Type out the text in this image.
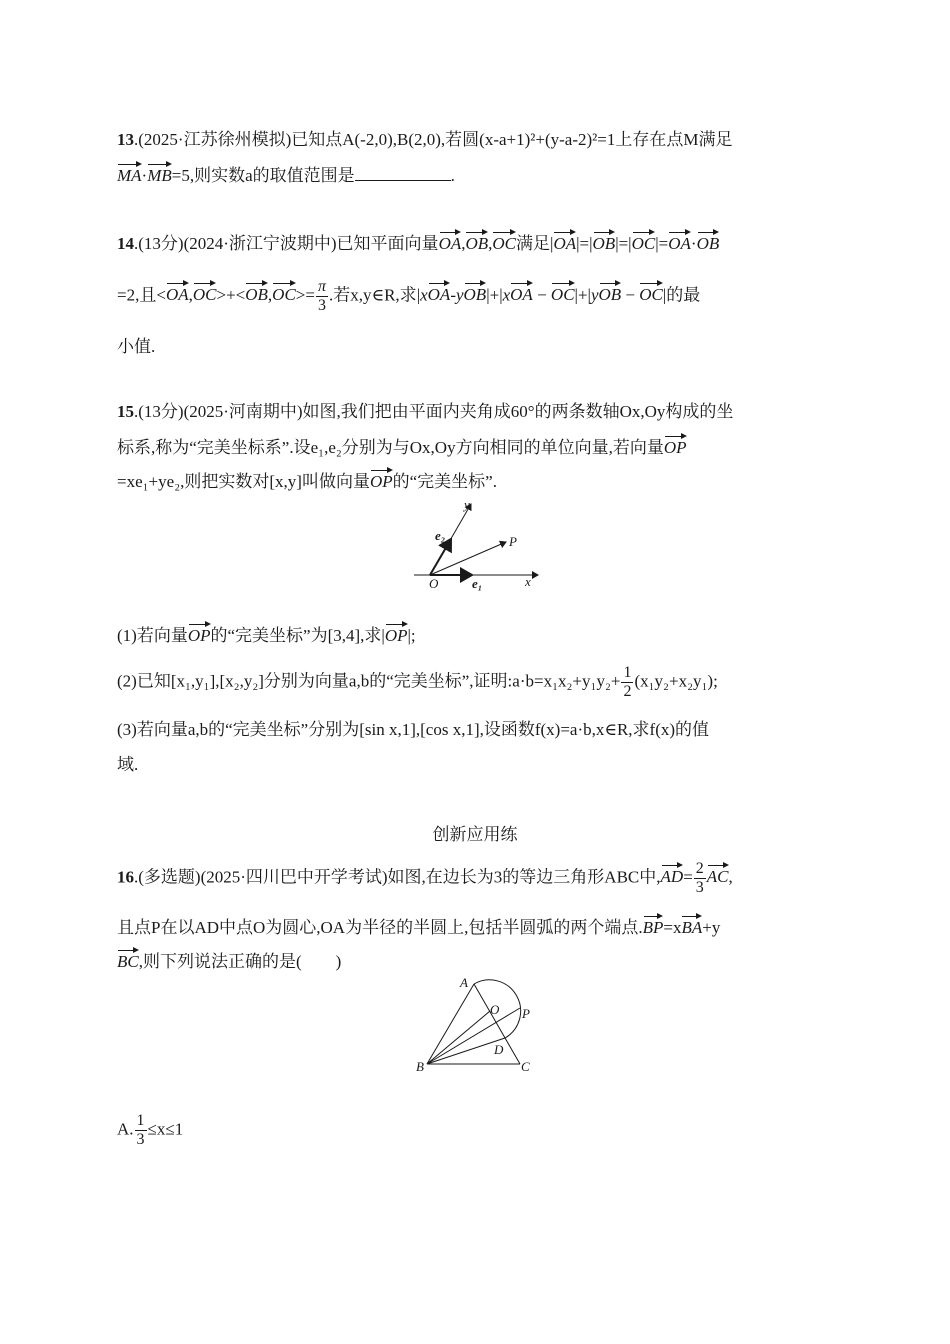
13.(2025·江苏徐州模拟)已知点A(-2,0),B(2,0),若圆(x-a+1)²+(y-a-2)²=1上存在点M满足
MA·MB=5,则实数a的取值范围是	.
14.(13分)(2024·浙江宁波期中)已知平面向量OA,OB,OC满足|OA|=|OB|=|OC|=OA·OB
=2,且$<OA,OC>+<OB,OC>= \frac{\pi}{3}$ .若x,y∈R,求|xOA-yOB|+|xOA − OC|+|yOB − OC|的最
小值.
15.(13分)(2025·河南期中)如图,我们把由平面内夹角成60°的两条数轴Ox,Oy构成的坐
标系,称为“完美坐标系”.设e₁,e₂分别为与Ox,Oy方向相同的单位向量,若向量OP
=xe₁+ye₂,则把实数对[x,y]叫做向量OP的“完美坐标”.
y
e₂	P
O	e₁	x
(1)若向量OP的“完美坐标”为[3,4],求|OP|;
(2)已知[x₁,y₁],[x₂,y₂]分别为向量a,b的“完美坐标”,证明:a·b=x₁x₂+y₁y₂+ $\frac{1}{2} (x_1y_2+x_2y_1)$;
(3)若向量a,b的“完美坐标”分别为[sin x,1],[cos x,1],设函数f(x)=a·b,x∈R,求f(x)的值
域.
创新应用练
16.(多选题)(2025·四川巴中开学考试)如图,在边长为3的等边三角形ABC中$,AD= \frac{2}{3}$ AC,
且点P在以AD中点O为圆心,OA为半径的半圆上,包括半圆弧的两个端点.BP=xBA+y
BC,则下列说法正确的是(　　)
A
O P
D
B	C
A. $\frac{1}{3} \le x\le 1$
